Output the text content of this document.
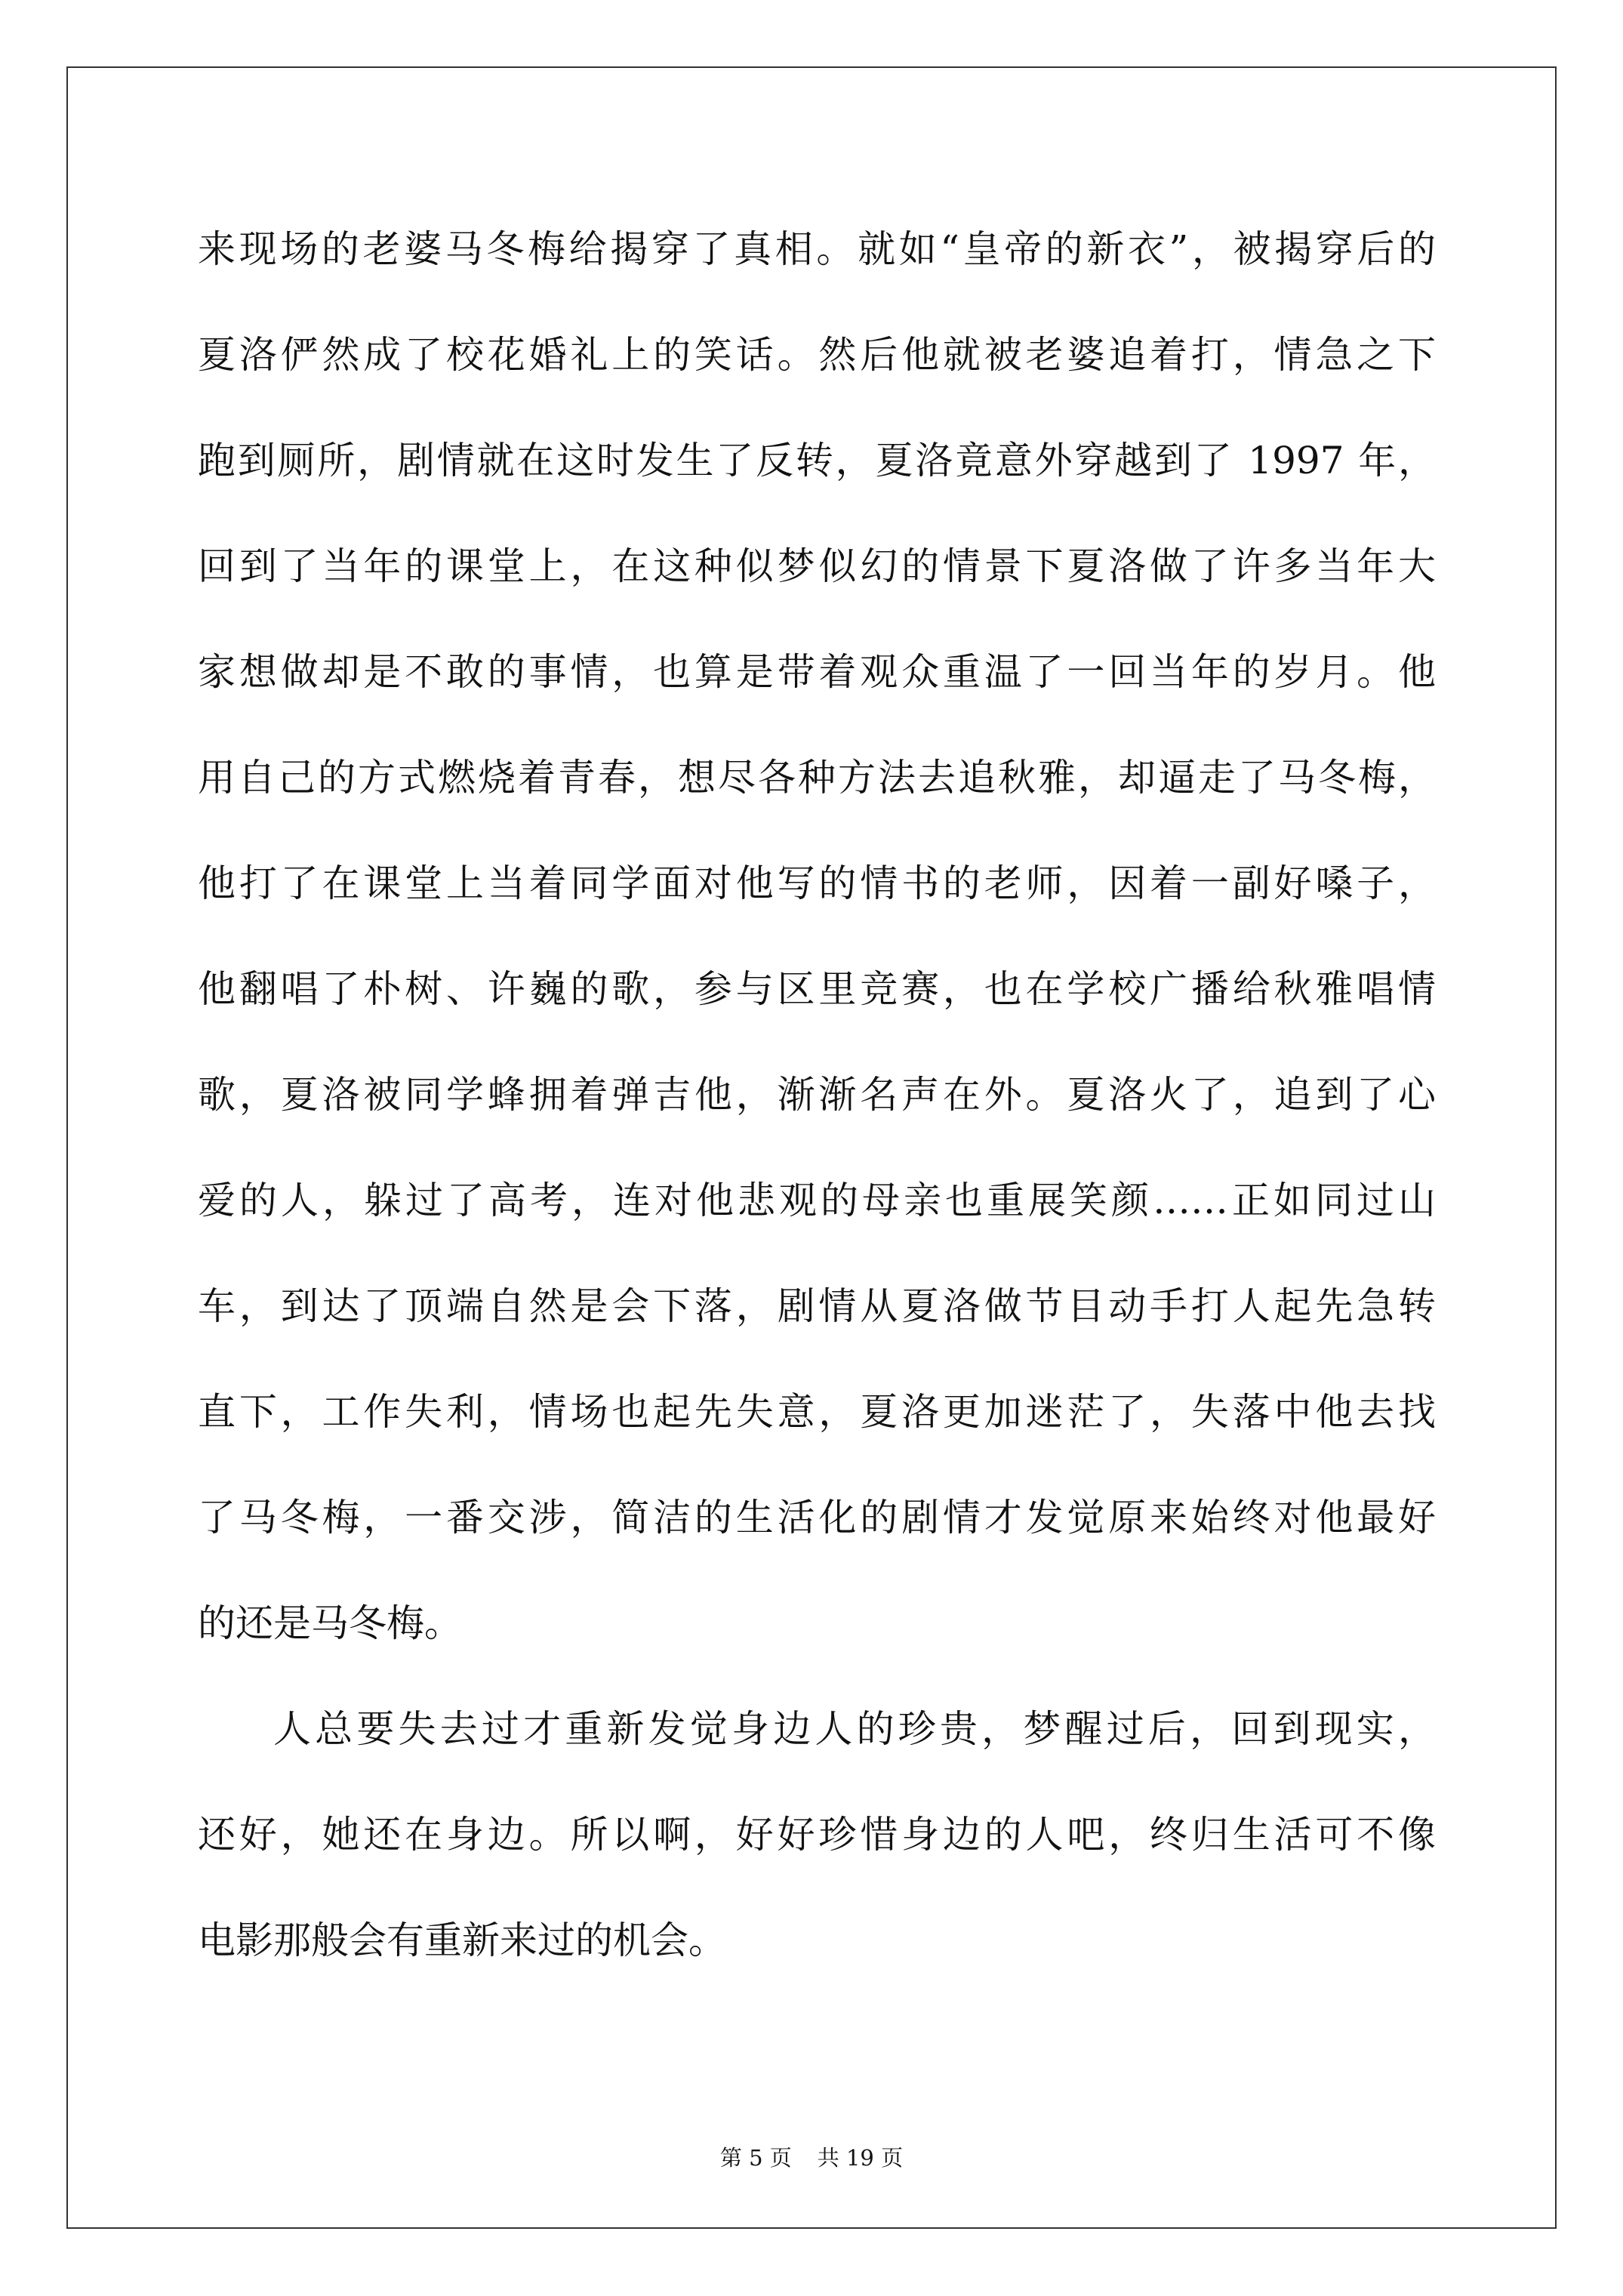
来现场的老婆马冬梅给揭穿了真相。就如“皇帝的新衣”，被揭穿后的
夏洛俨然成了校花婚礼上的笑话。然后他就被老婆追着打，情急之下
跑到厕所，剧情就在这时发生了反转，夏洛竟意外穿越到了 1997 年，
回到了当年的课堂上，在这种似梦似幻的情景下夏洛做了许多当年大
家想做却是不敢的事情，也算是带着观众重温了一回当年的岁月。他
用自己的方式燃烧着青春，想尽各种方法去追秋雅，却逼走了马冬梅，
他打了在课堂上当着同学面对他写的情书的老师，因着一副好嗓子，
他翻唱了朴树、许巍的歌，参与区里竞赛，也在学校广播给秋雅唱情
歌，夏洛被同学蜂拥着弹吉他，渐渐名声在外。夏洛火了，追到了心
爱的人，躲过了高考，连对他悲观的母亲也重展笑颜……正如同过山
车，到达了顶端自然是会下落，剧情从夏洛做节目动手打人起先急转
直下，工作失利，情场也起先失意，夏洛更加迷茫了，失落中他去找
了马冬梅，一番交涉，简洁的生活化的剧情才发觉原来始终对他最好
的还是马冬梅。
人总要失去过才重新发觉身边人的珍贵，梦醒过后，回到现实，
还好，她还在身边。所以啊，好好珍惜身边的人吧，终归生活可不像
电影那般会有重新来过的机会。
第 5 页 共 19 页
